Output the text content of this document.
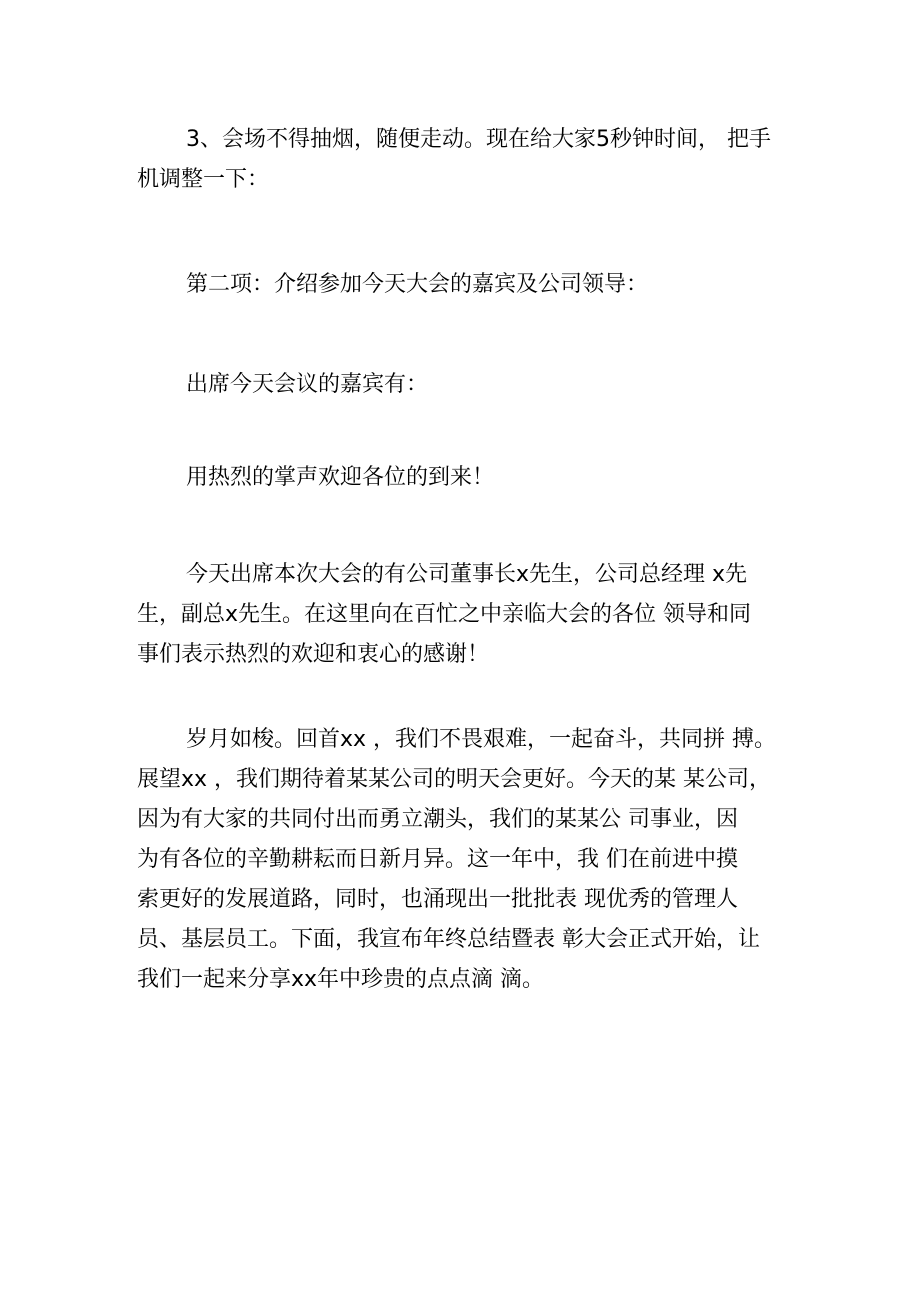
3、会场不得抽烟，随便走动。现在给大家5秒钟时间， 把手
机调整一下：
第二项：介绍参加今天大会的嘉宾及公司领导：
出席今天会议的嘉宾有：
用热烈的掌声欢迎各位的到来！
今天出席本次大会的有公司董事长x先生，公司总经理 x先
生，副总x先生。在这里向在百忙之中亲临大会的各位 领导和同
事们表示热烈的欢迎和衷心的感谢！
岁月如梭。回首xx ，我们不畏艰难，一起奋斗，共同拼 搏。
展望xx ，我们期待着某某公司的明天会更好。今天的某 某公司，
因为有大家的共同付出而勇立潮头，我们的某某公 司事业，因
为有各位的辛勤耕耘而日新月异。这一年中，我 们在前进中摸
索更好的发展道路，同时，也涌现出一批批表 现优秀的管理人
员、基层员工。下面，我宣布年终总结暨表 彰大会正式开始，让
我们一起来分享xx年中珍贵的点点滴 滴。
